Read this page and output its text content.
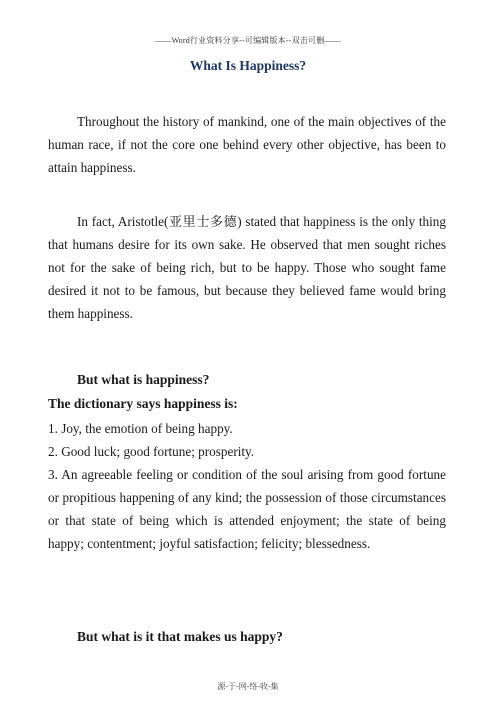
——Word行业资料分享--可编辑版本--双击可删——
What Is Happiness?

Throughout the history of mankind, one of the main objectives of the human race, if not the core one behind every other objective, has been to attain happiness.

In fact, Aristotle(亚里士多德) stated that happiness is the only thing that humans desire for its own sake. He observed that men sought riches not for the sake of being rich, but to be happy. Those who sought fame desired it not to be famous, but because they believed fame would bring them happiness.

But what is happiness?

The dictionary says happiness is:

1. Joy, the emotion of being happy.
2. Good luck; good fortune; prosperity.
3. An agreeable feeling or condition of the soul arising from good fortune or propitious happening of any kind; the possession of those circumstances or that state of being which is attended enjoyment; the state of being happy; contentment; joyful satisfaction; felicity; blessedness.

But what is it that makes us happy?

源-于-网-络-收-集
